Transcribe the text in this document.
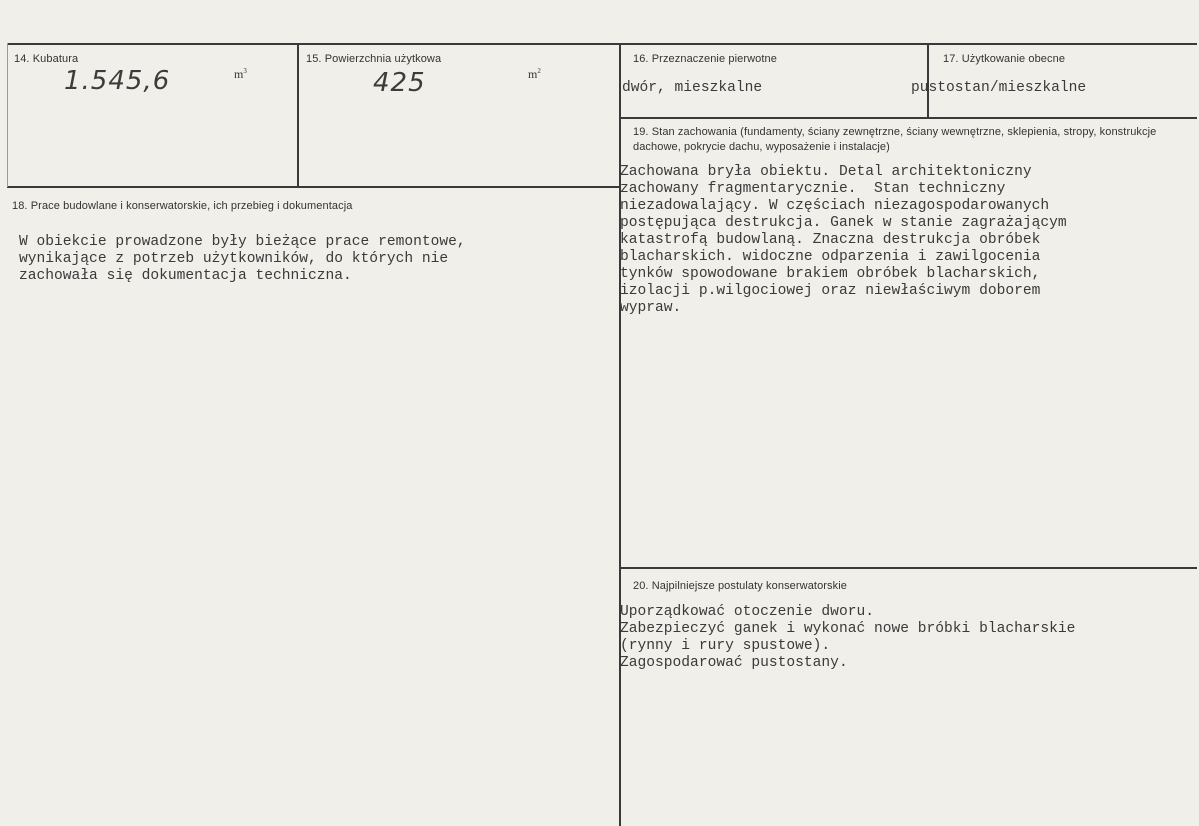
14. Kubatura
1.545,6	$m^3$
15. Powierzchnia użytkowa
425	$m^2$
16. Przeznaczenie pierwotne
dwór, mieszkalne
17. Użytkowanie obecne
pustostan/mieszkalne
18. Prace budowlane i konserwatorskie, ich przebieg i dokumentacja
W obiekcie prowadzone były bieżące prace remontowe,
wynikające z potrzeb użytkowników, do których nie
zachowała się dokumentacja techniczna.
19. Stan zachowania (fundamenty, ściany zewnętrzne, ściany wewnętrzne, sklepienia, stropy, konstrukcje dachowe, pokrycie dachu, wyposażenie i instalacje)
Zachowana bryła obiektu. Detal architektoniczny
zachowany fragmentarycznie.  Stan techniczny
niezadowalający. W częściach niezagospodarowanych
postępująca destrukcja. Ganek w stanie zagrażającym
katastrofą budowlaną. Znaczna destrukcja obróbek
blacharskich. widoczne odparzenia i zawilgocenia
tynków spowodowane brakiem obróbek blacharskich,
izolacji p.wilgociowej oraz niewłaściwym doborem
wypraw.
20. Najpilniejsze postulaty konserwatorskie
Uporządkować otoczenie dworu.
Zabezpieczyć ganek i wykonać nowe bróbki blacharskie
(rynny i rury spustowe).
Zagospodarować pustostany.
